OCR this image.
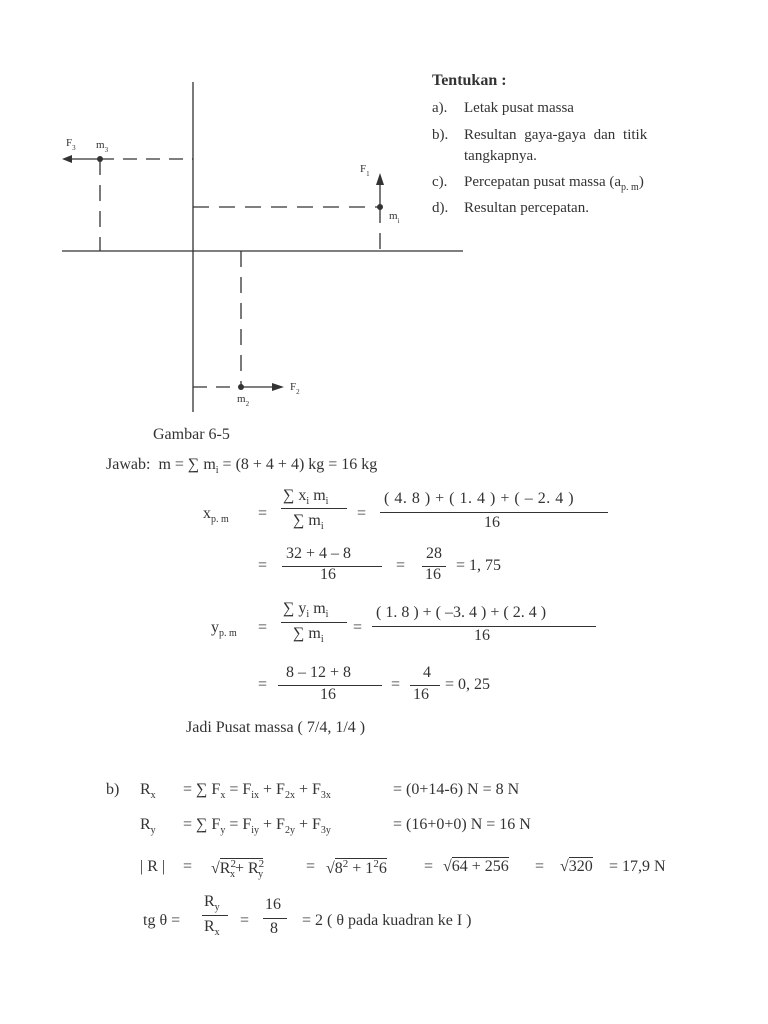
$F_3$ $m_3$
$F_1$
$m_i$
$F_2$
$m_2$
Gambar 6-5
Tentukan :
a). Letak pusat massa
b). Resultan gaya-gaya dan titik
tangkapnya.
c). Percepatan pusat massa $(a_{p. m})$
d). Resultan percepatan.
Jawab: m = ∑ $m_i = (8 + 4 + 4)$ kg = 16 kg
$x_{p. m}$ =
∑ $x_i$ $m_i$
∑ $m_i$
=
( 4. 8 ) + ( 1. 4 ) + ( – 2. 4 )
16
=
32 + 4 – 8
16
=
28
16
= 1, 75
$y_{p. m}$ =
∑ $y_i$ $m_i$
∑ $m_i$
=
( 1. 8 ) + ( –3. 4 ) + ( 2. 4 )
16
=
8 – 12 + 8
16
=
4
16
= 0, 25
Jadi Pusat massa ( 7/4, 1/4 )
b) $R_x$ = ∑ $F_x = F_{ix} + F_{2x} + F_{3x}$	= (0+14-6) N = 8 N
$R_y$ = ∑ $F_y = F_{iy} + F_{2y} + F_{3y}$	= (16+0+0) N = 16 N
| R | = $√R^2_x+ R^2_y$	= $√8^2 + 1^26 = √64 + 256 = √320 = 17,9$ N
tg θ =
$R_y$
$R_x$
=
16
8 = 2 ( θ pada kuadran ke I )
